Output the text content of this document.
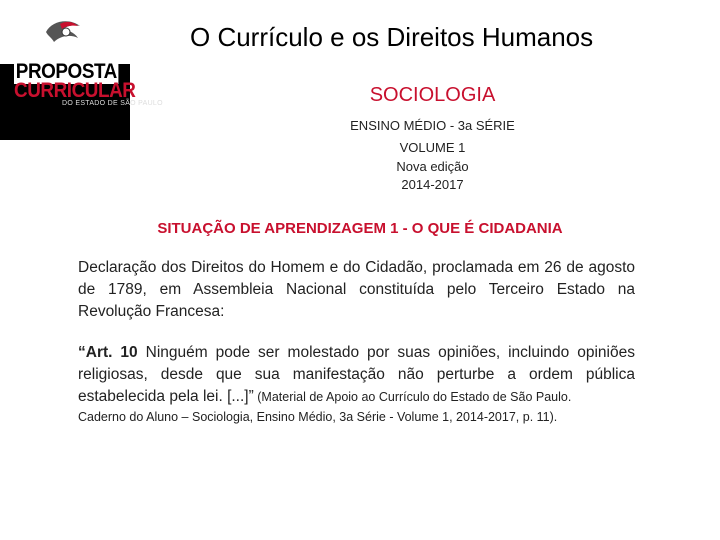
O Currículo e os Direitos Humanos
PROPOSTA
CURRICULAR
DO ESTADO DE SÃO PAULO	SOCIOLOGIA
ENSINO MÉDIO - 3a SÉRIE
VOLUME 1
Nova edição
2014-2017
SITUAÇÃO DE APRENDIZAGEM 1 - O QUE É CIDADANIA
Declaração dos Direitos do Homem e do Cidadão, proclamada em 26 de agosto de 1789, em Assembleia Nacional constituída pelo Terceiro Estado na Revolução Francesa:
“Art. 10 Ninguém pode ser molestado por suas opiniões, incluindo opiniões religiosas, desde que sua manifestação não perturbe a ordem pública estabelecida pela lei. [...]” (Material de Apoio ao Currículo do Estado de São Paulo.
Caderno do Aluno – Sociologia, Ensino Médio, 3a Série - Volume 1, 2014-2017, p. 11).
